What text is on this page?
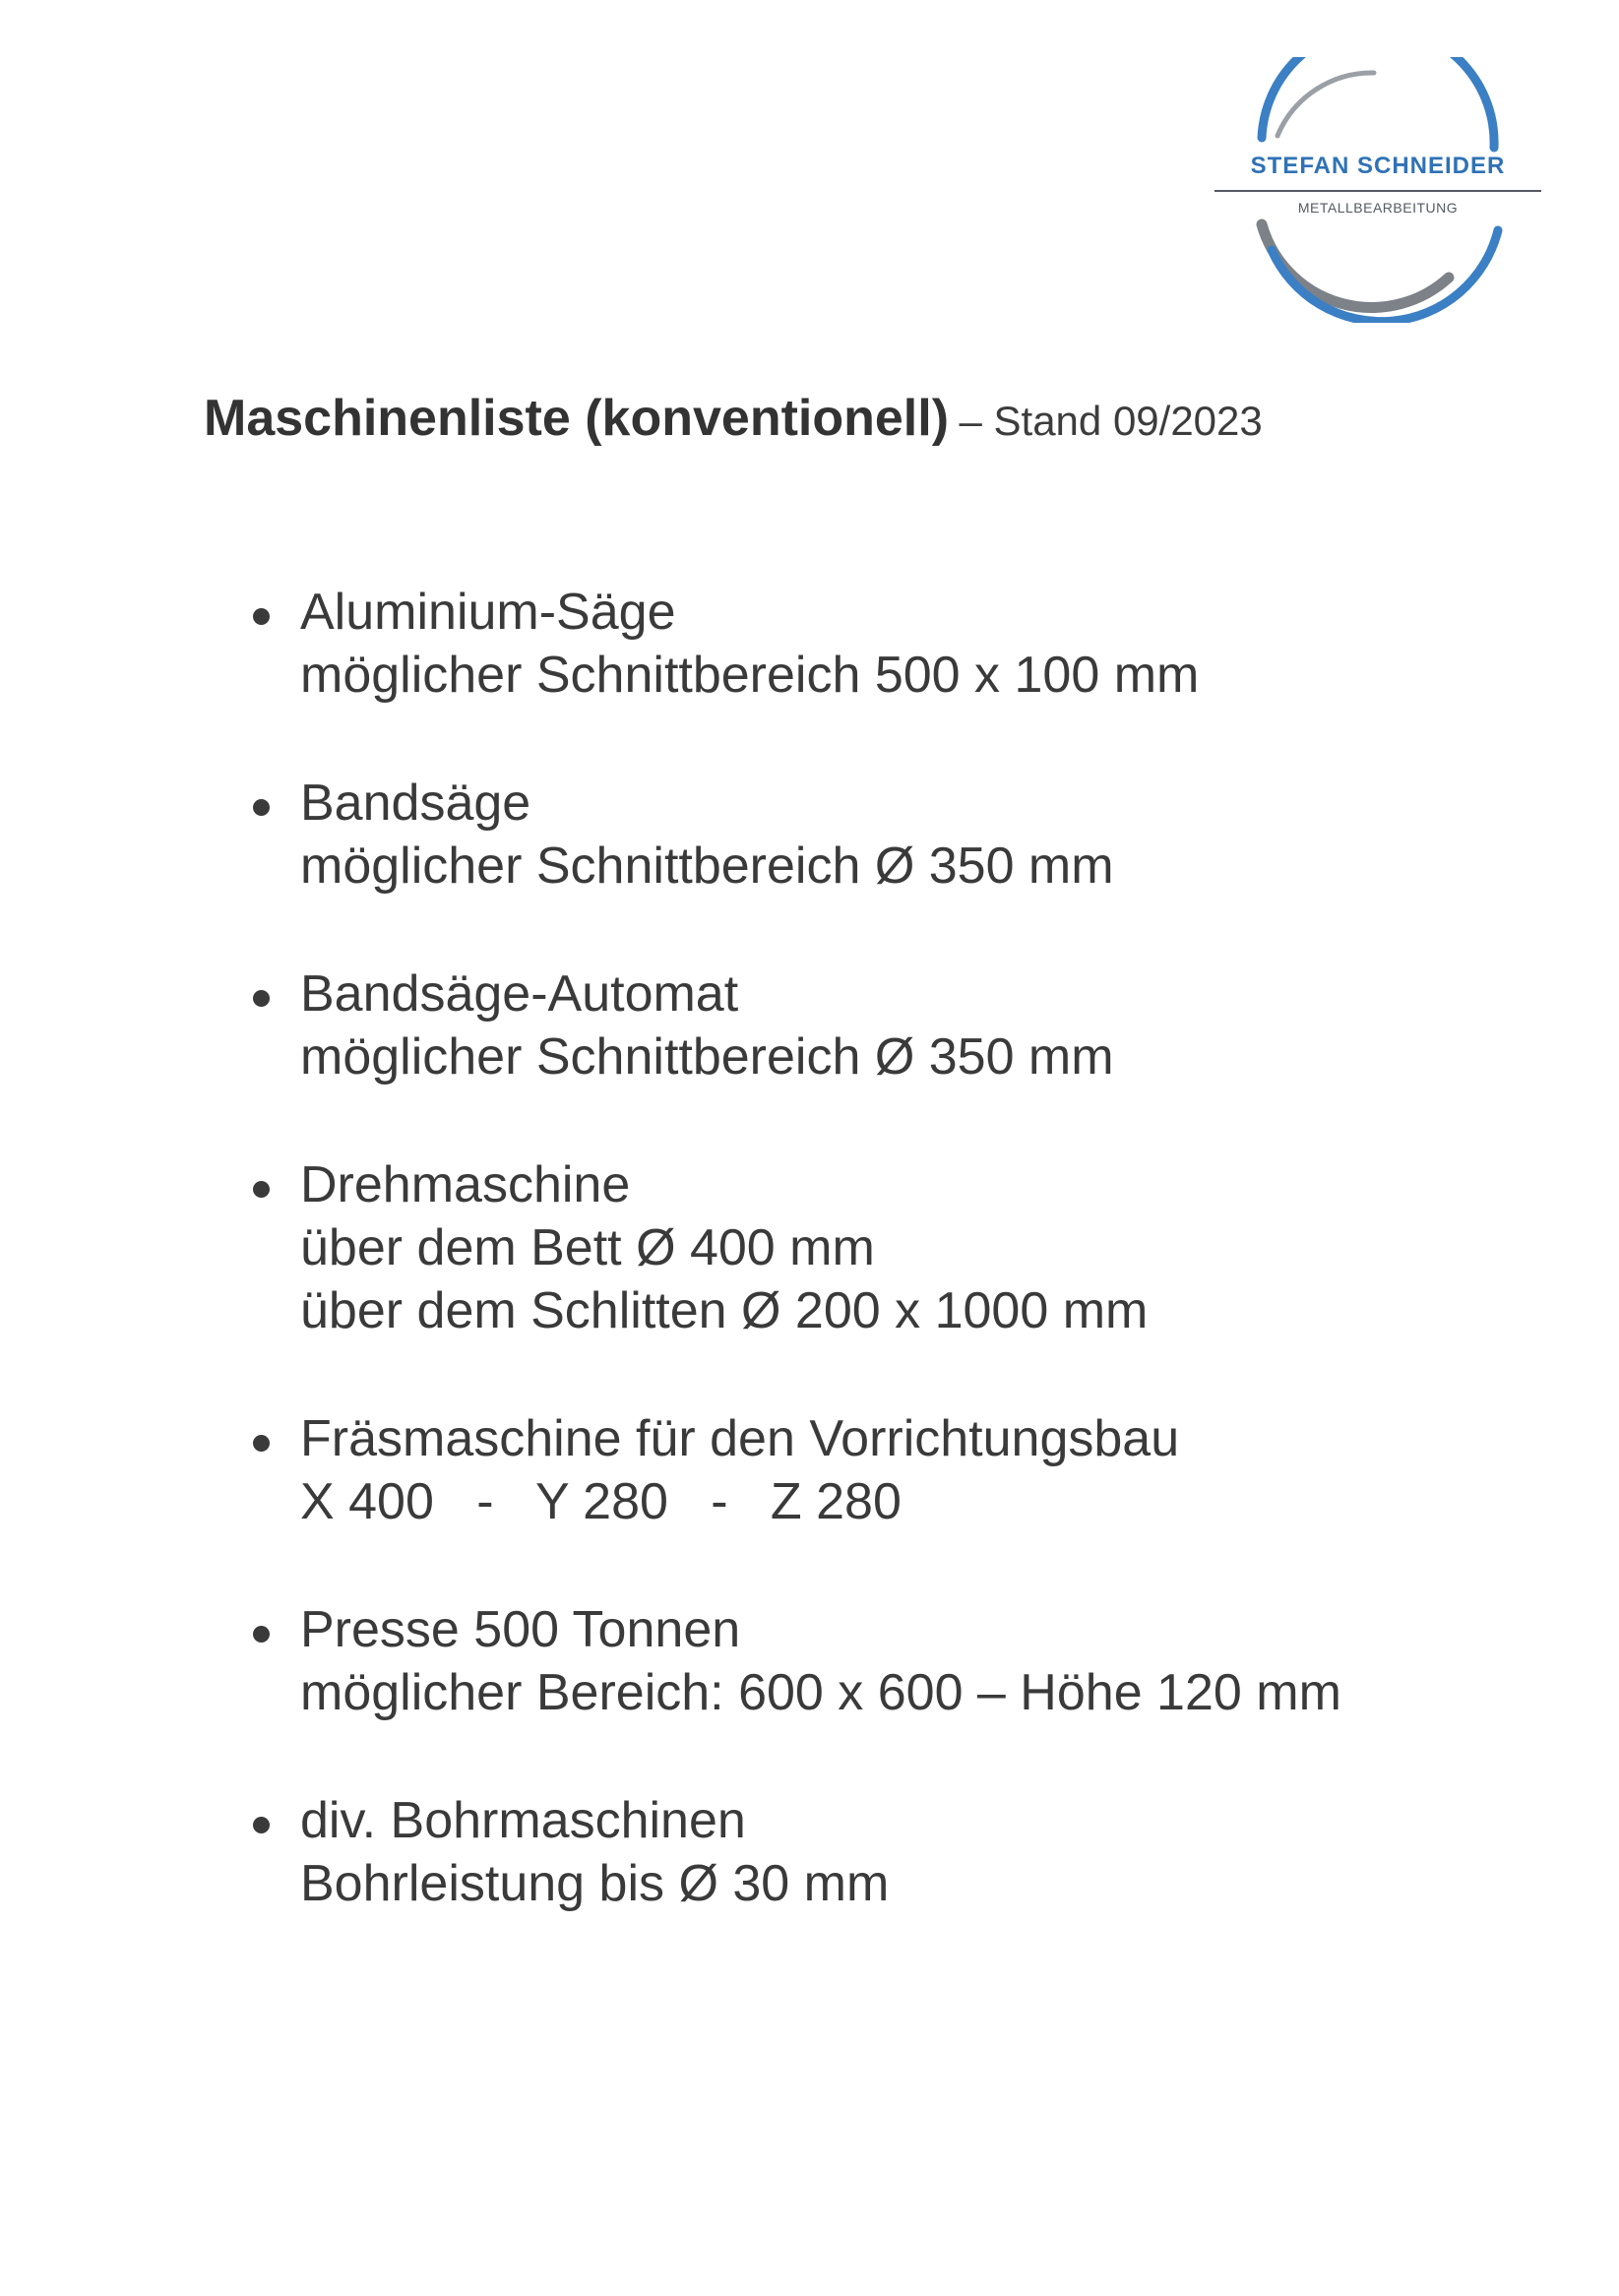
STEFAN SCHNEIDER
METALLBEARBEITUNG
Maschinenliste (konventionell) – Stand 09/2023
Aluminium-Säge
möglicher Schnittbereich 500 x 100 mm
Bandsäge
möglicher Schnittbereich Ø 350 mm
Bandsäge-Automat
möglicher Schnittbereich Ø 350 mm
Drehmaschine
über dem Bett Ø 400 mm
über dem Schlitten Ø 200 x 1000 mm
Fräsmaschine für den Vorrichtungsbau
X 400   -   Y 280   -   Z 280
Presse 500 Tonnen
möglicher Bereich: 600 x 600 – Höhe 120 mm
div. Bohrmaschinen
Bohrleistung bis Ø 30 mm
